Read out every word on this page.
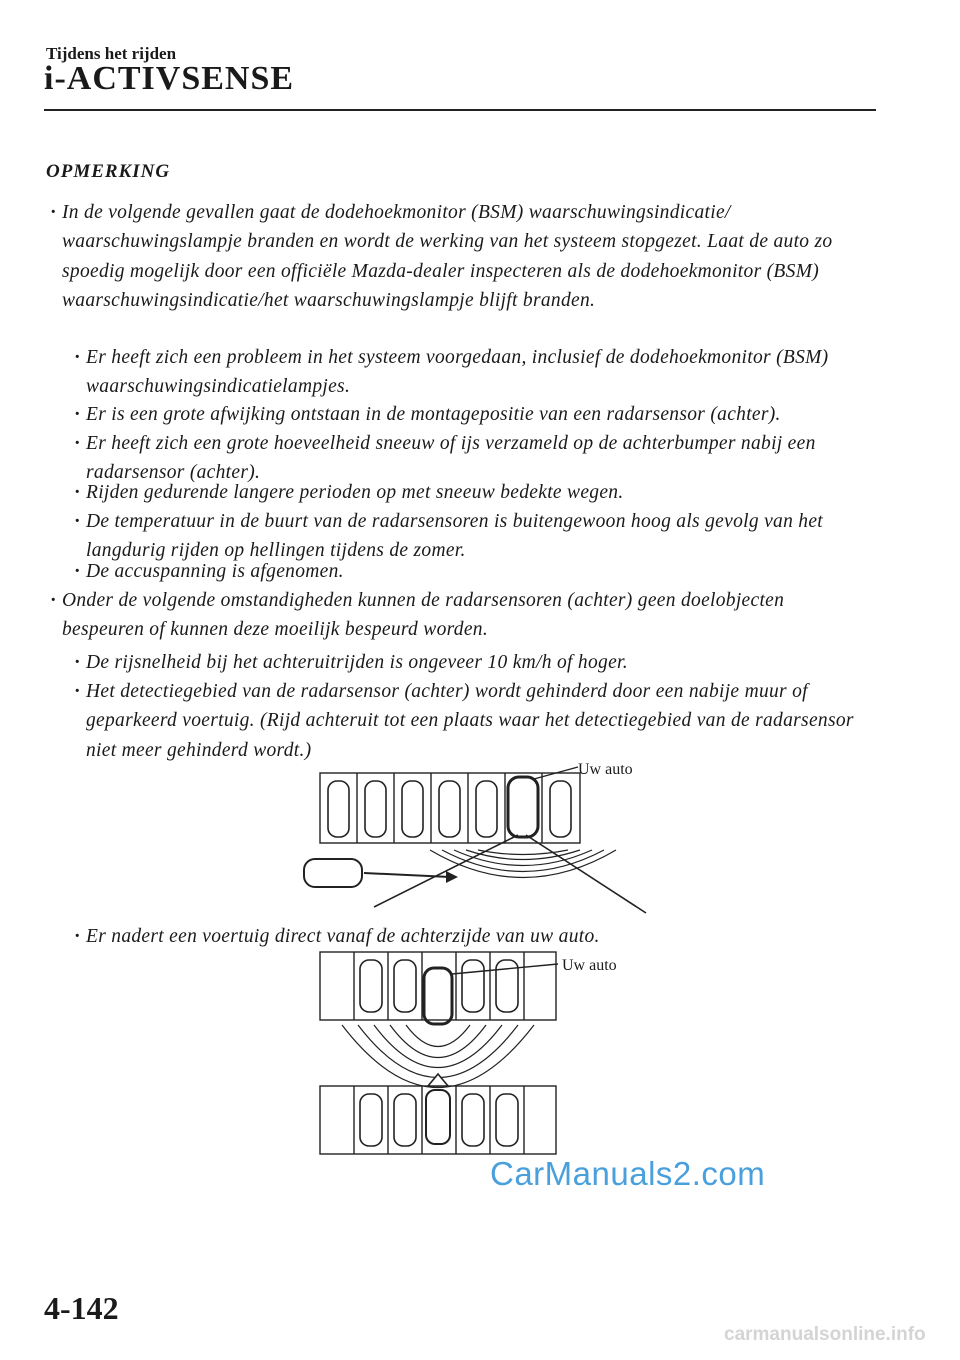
Tijdens het rijden
i-ACTIVSENSE
OPMERKING
· In de volgende gevallen gaat de dodehoekmonitor (BSM) waarschuwingsindicatie/ waarschuwingslampje branden en wordt de werking van het systeem stopgezet. Laat de auto zo spoedig mogelijk door een officiële Mazda-dealer inspecteren als de dodehoekmonitor (BSM) waarschuwingsindicatie/het waarschuwingslampje blijft branden.
· Er heeft zich een probleem in het systeem voorgedaan, inclusief de dodehoekmonitor (BSM) waarschuwingsindicatielampjes.
· Er is een grote afwijking ontstaan in de montagepositie van een radarsensor (achter).
· Er heeft zich een grote hoeveelheid sneeuw of ijs verzameld op de achterbumper nabij een radarsensor (achter).
· Rijden gedurende langere perioden op met sneeuw bedekte wegen.
· De temperatuur in de buurt van de radarsensoren is buitengewoon hoog als gevolg van het langdurig rijden op hellingen tijdens de zomer.
· De accuspanning is afgenomen.
· Onder de volgende omstandigheden kunnen de radarsensoren (achter) geen doelobjecten bespeuren of kunnen deze moeilijk bespeurd worden.
· De rijsnelheid bij het achteruitrijden is ongeveer 10 km/h of hoger.
· Het detectiegebied van de radarsensor (achter) wordt gehinderd door een nabije muur of geparkeerd voertuig. (Rijd achteruit tot een plaats waar het detectiegebied van de radarsensor niet meer gehinderd wordt.)
Uw auto
· Er nadert een voertuig direct vanaf de achterzijde van uw auto.
Uw auto
CarManuals2.com
4-142
carmanualsonline.info
